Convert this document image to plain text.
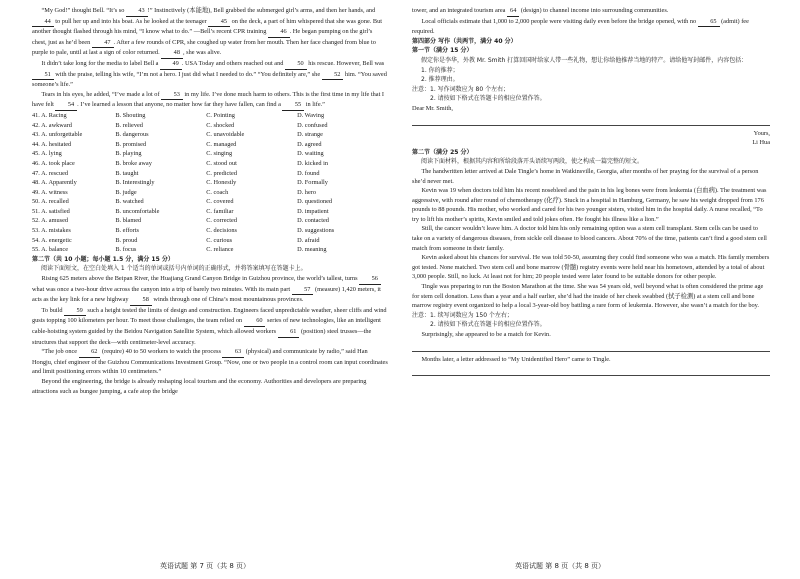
“My God!” thought Bell. “It’s so 43 !” Instinctively (本能地), Bell grabbed the submerged girl’s arms, and then her hands, and 44 to pull her up and into his boat. As he looked at the teenager 45 on the deck, a part of him whispered that she was gone. But another thought flashed through his mind, “I know what to do.” —Bell’s recent CPR training 46 . He began pumping on the girl’s chest, just as he’d been 47 . After a few rounds of CPR, she coughed up water from her mouth. Then her face changed from blue to purple to pale, until at last a sign of color returned. 48 , she was alive.

It didn’t take long for the media to label Bell a 49 . USA Today and others reached out and 50 his rescue. However, Bell was 51 with the praise, telling his wife, “I’m not a hero. I just did what I needed to do.” “You definitely are,” she 52 him. “You saved someone’s life.”

Tears in his eyes, he added, “I’ve made a lot of 53 in my life. I’ve done much harm to others. This is the first time in my life that I have felt 54 . I’ve learned a lesson that anyone, no matter how far they have fallen, can find a 55 in life.”

41. A. Racing	B. Shouting	C. Pointing	D. Waving
42. A. awkward	B. relieved	C. shocked	D. confused
43. A. unforgettable	B. dangerous	C. unavoidable	D. strange
44. A. hesitated	B. promised	C. managed	D. agreed
45. A. lying	B. playing	C. singing	D. waiting
46. A. took place	B. broke away	C. stood out	D. kicked in
47. A. rescued	B. taught	C. predicted	D. found
48. A. Apparently	B. Interestingly	C. Honestly	D. Formally
49. A. witness	B. judge	C. coach	D. hero
50. A. recalled	B. watched	C. covered	D. questioned
51. A. satisfied	B. uncomfortable	C. familiar	D. impatient
52. A. amused	B. blamed	C. corrected	D. contacted
53. A. mistakes	B. efforts	C. decisions	D. suggestions
54. A. energetic	B. proud	C. curious	D. afraid
55. A. balance	B. focus	C. reliance	D. meaning

第二节（共 10 小题；每小题 1.5 分，满分 15 分）

阅读下面短文，在空白处填入 1 个适当的单词或括号内单词的正确形式，并将答案填写在答题卡上。

Rising 625 meters above the Beipan River, the Huajiang Grand Canyon Bridge in Guizhou province, the world’s tallest, turns 56 what was once a two-hour drive across the canyon into a trip of barely two minutes. With its main part 57 (measure) 1,420 meters, it acts as the key link for a new highway 58 winds through one of China’s most mountainous provinces.

To build 59 such a height tested the limits of design and construction. Engineers faced unpredictable weather, sheer cliffs and wind gusts topping 100 kilometers per hour. To meet those challenges, the team relied on 60 series of new technologies, like an intelligent cable-hoisting system guided by the Beidou Navigation Satellite System, which allowed workers 61 (position) steel trusses—the structures that support the deck—with centimeter-level accuracy.

“The job once 62 (require) 40 to 50 workers to watch the process 63 (physical) and communicate by radio,” said Han Hongju, chief engineer of the Guizhou Communications Investment Group. “Now, one or two people in a control room can input coordinates and limit positioning errors within 10 centimeters.”

Beyond the engineering, the bridge is already reshaping local tourism and the economy. Authorities and developers are preparing attractions such as bungee jumping, a cafe atop the bridge

tower, and an integrated tourism area 64 (design) to channel income into surrounding communities.

Local officials estimate that 1,000 to 2,000 people were visiting daily even before the bridge opened, with no 65 (admit) fee required.

第四部分 写作（共两节，满分 40 分）

第一节（满分 15 分）

假定你是李华，外教 Mr. Smith 打算回国时给家人带一些礼物，想让你给他推荐当地的特产。请给他写封邮件，内容包括：

1. 你的推荐；

2. 推荐理由。

注意：1. 写作词数应为 80 个左右；

2. 请按如下格式在答题卡的相应位置作答。

Dear Mr. Smith,

Yours,

Li Hua

第二节（满分 25 分）

阅读下面材料，根据其内容和所给段落开头语续写两段，使之构成一篇完整的短文。

The handwritten letter arrived at Dale Tingle’s home in Watkinsville, Georgia, after months of her praying for the survival of a person she’d never met.

Kevin was 19 when doctors told him his recent nosebleed and the pain in his leg bones were from leukemia (白血病). The treatment was aggressive, with round after round of chemotherapy (化疗). Stuck in a hospital in Hamburg, Germany, he saw his weight dropped from 176 pounds to 88 pounds. His mother, who worked and cared for his two younger sisters, visited him in the hospital daily. A nurse recalled, “To try to lift his mother’s spirits, Kevin smiled and told jokes often. He fought his illness like a lion.”

Still, the cancer wouldn’t leave him. A doctor told him his only remaining option was a stem cell transplant. Stem cells can be used to take on a variety of dangerous diseases, from sickle cell disease to blood cancers. About 70% of the time, patients can’t find a good stem cell match from someone in their family.

Kevin asked about his chances for survival. He was told 50-50, assuming they could find someone who was a match. His family members got tested. None matched. Two stem cell and bone marrow (骨髓) registry events were held near his hometown, attended by a total of about 3,000 people. Still, no luck. At least not for him; 20 people tested were later found to be suitable donors for other people.

Tingle was preparing to run the Boston Marathon at the time. She was 54 years old, well beyond what is often considered the prime age for stem cell donation. Less than a year and a half earlier, she’d had the inside of her cheek swabbed (拭子检测) at a stem cell and bone marrow registry event organized to help a local 3-year-old boy battling a rare form of leukemia. However, she wasn’t a match for the boy.

注意：1. 续写词数应为 150 个左右；

2. 请按如下格式在答题卡的相应位置作答。

Surprisingly, she appeared to be a match for Kevin.

Months later, a letter addressed to “My Unidentified Hero” came to Tingle.

英语试题 第 7 页（共 8 页）	英语试题 第 8 页（共 8 页）
